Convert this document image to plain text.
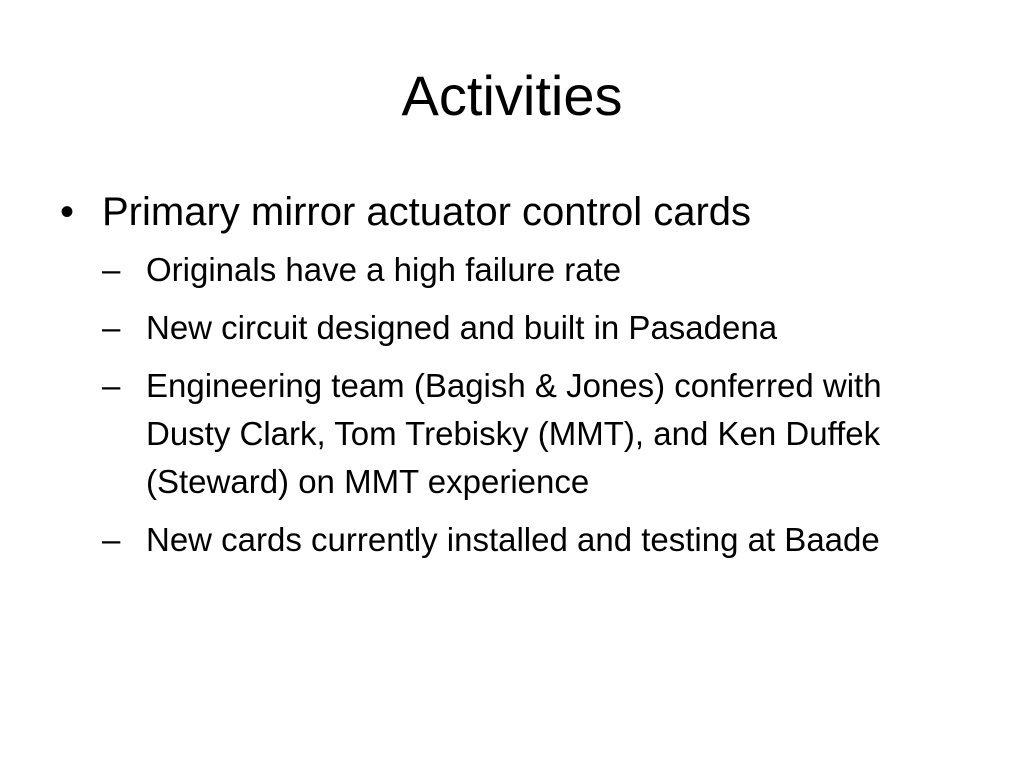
Activities
• Primary mirror actuator control cards
– Originals have a high failure rate
– New circuit designed and built in Pasadena
– Engineering team (Bagish & Jones) conferred with Dusty Clark, Tom Trebisky (MMT), and Ken Duffek (Steward) on MMT experience
– New cards currently installed and testing at Baade
